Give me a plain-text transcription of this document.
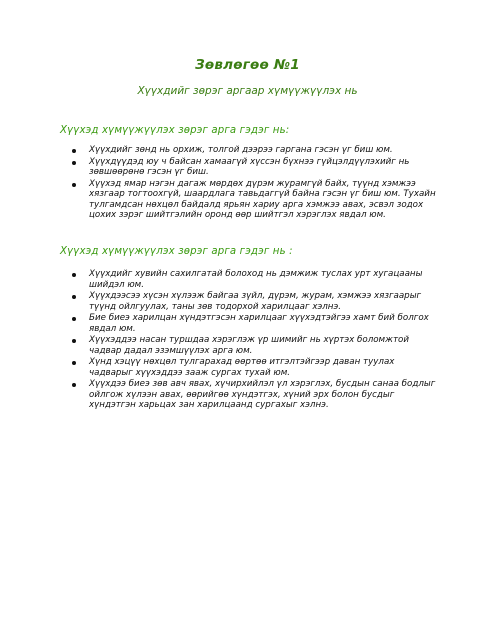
Зөвлөгөө №1
Хүүхдийг зөрэг аргаар хүмүүжүүлэх нь
Хүүхэд хүмүүжүүлэх зөрэг арга гэдэг нь:
Хүүхдийг зөнд нь орхиж, толгой дээрээ гаргана гэсэн үг биш юм.
Хүүхдүүдэд юу ч байсан хамаагүй хүссэн бүхнээ гүйцэлдүүлэхийг нь зөвшөөрөнө гэсэн үг биш.
Хүүхэд ямар нэгэн дагаж мөрдөх дүрэм журамгүй байх, түүнд хэмжээ хязгаар тогтоохгүй, шаардлага тавьдаггүй байна гэсэн үг биш юм. Тухайн тулгамдсан нөхцөл байдалд ярьян хариу арга хэмжээ авах, эсвэл зодох цохих зэрэг шийтгэлийн оронд өөр шийтгэл хэрэглэх явдал юм.
Хүүхэд хүмүүжүүлэх зөрэг арга гэдэг нь :
Хүүхдийг хувийн сахилгатай болоход нь дэмжиж туслах урт хугацааны шийдэл юм.
Хүүхдээсээ хүсэн хүлээж байгаа зүйл, дүрэм, журам, хэмжээ хязгаарыг түүнд ойлгуулах, таны зөв тодорхой харилцааг хэлнэ.
Бие биеэ харилцан хүндэтгэсэн харилцааг хүүхэдтэйгээ хамт бий болгох явдал юм.
Хүүхэддээ насан туршдаа хэрэглэж үр шимийг нь хүртэх боломжтой чадвар дадал эзэмшүүлэх арга юм.
Хүнд хэцүү нөхцөл тулгарахад өөртөө итгэлтэйгээр даван туулах чадварыг хүүхэддээ зааж сургах тухай юм.
Хүүхдээ биеэ зөв авч явах, хүчирхийлэл үл хэрэглэх, бусдын санаа бодлыг ойлгож хүлээн авах, өөрийгөө хүндэтгэх, хүний эрх болон бусдыг хүндэтгэн харьцах зан харилцаанд сургахыг хэлнэ.
